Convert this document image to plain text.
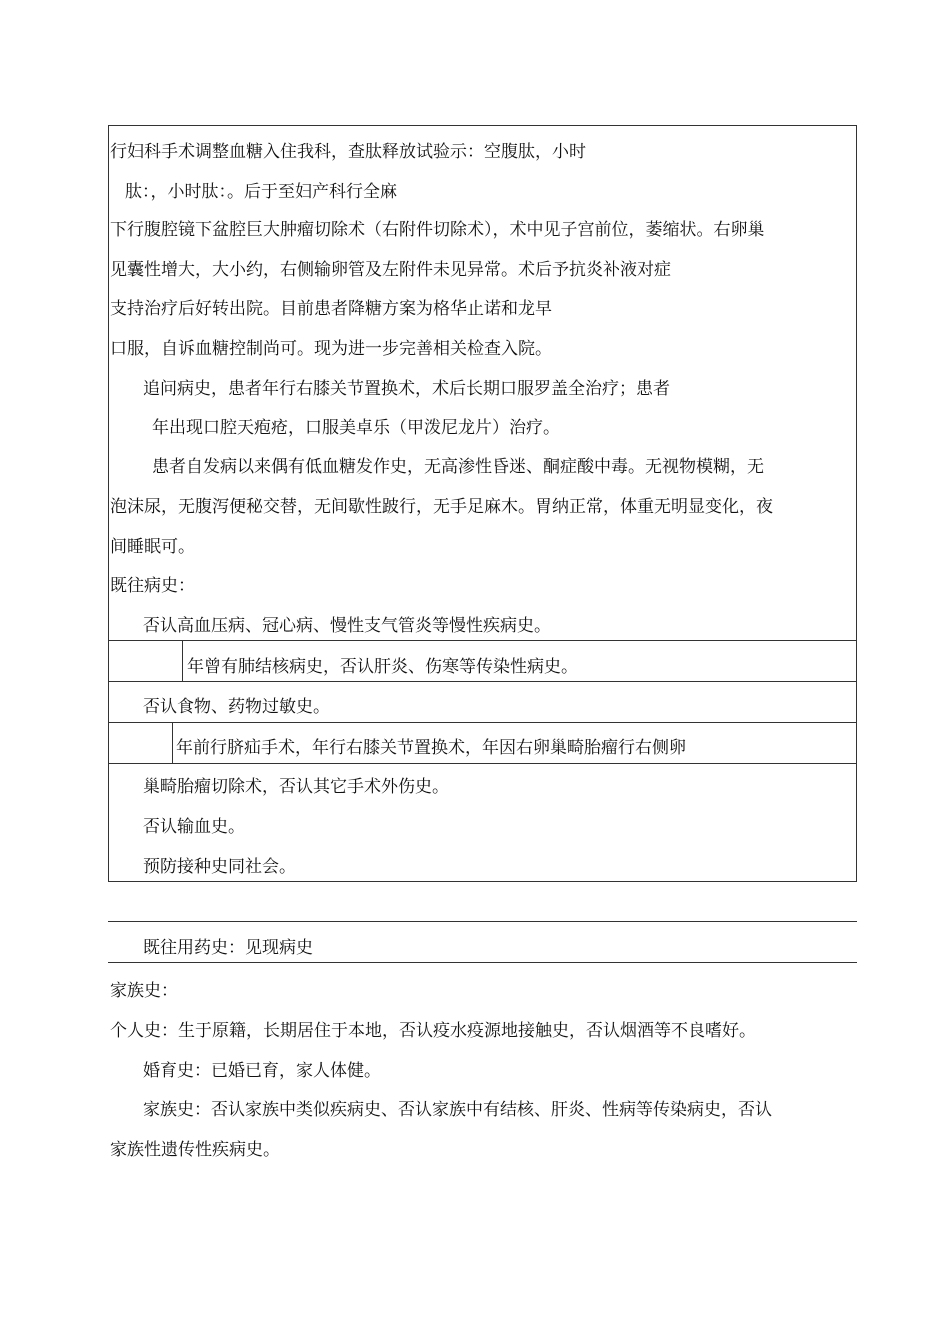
行妇科手术调整血糖入住我科，查肽释放试验示：空腹肽，小时
肽：，小时肽：。后于至妇产科行全麻
下行腹腔镜下盆腔巨大肿瘤切除术（右附件切除术），术中见子宫前位，萎缩状。右卵巢
见囊性增大，大小约，右侧输卵管及左附件未见异常。术后予抗炎补液对症
支持治疗后好转出院。目前患者降糖方案为格华止诺和龙早
口服，自诉血糖控制尚可。现为进一步完善相关检查入院。
追问病史，患者年行右膝关节置换术，术后长期口服罗盖全治疗；患者
年出现口腔天疱疮，口服美卓乐（甲泼尼龙片）治疗。
患者自发病以来偶有低血糖发作史，无高渗性昏迷、酮症酸中毒。无视物模糊，无
泡沫尿，无腹泻便秘交替，无间歇性跛行，无手足麻木。胃纳正常，体重无明显变化，夜
间睡眠可。
既往病史：
否认高血压病、冠心病、慢性支气管炎等慢性疾病史。
年曾有肺结核病史，否认肝炎、伤寒等传染性病史。
否认食物、药物过敏史。
年前行脐疝手术，年行右膝关节置换术，年因右卵巢畸胎瘤行右侧卵
巢畸胎瘤切除术，否认其它手术外伤史。
否认输血史。
预防接种史同社会。
既往用药史：见现病史
家族史：
个人史：生于原籍，长期居住于本地，否认疫水疫源地接触史，否认烟酒等不良嗜好。
婚育史：已婚已育，家人体健。
家族史：否认家族中类似疾病史、否认家族中有结核、肝炎、性病等传染病史，否认
家族性遗传性疾病史。
